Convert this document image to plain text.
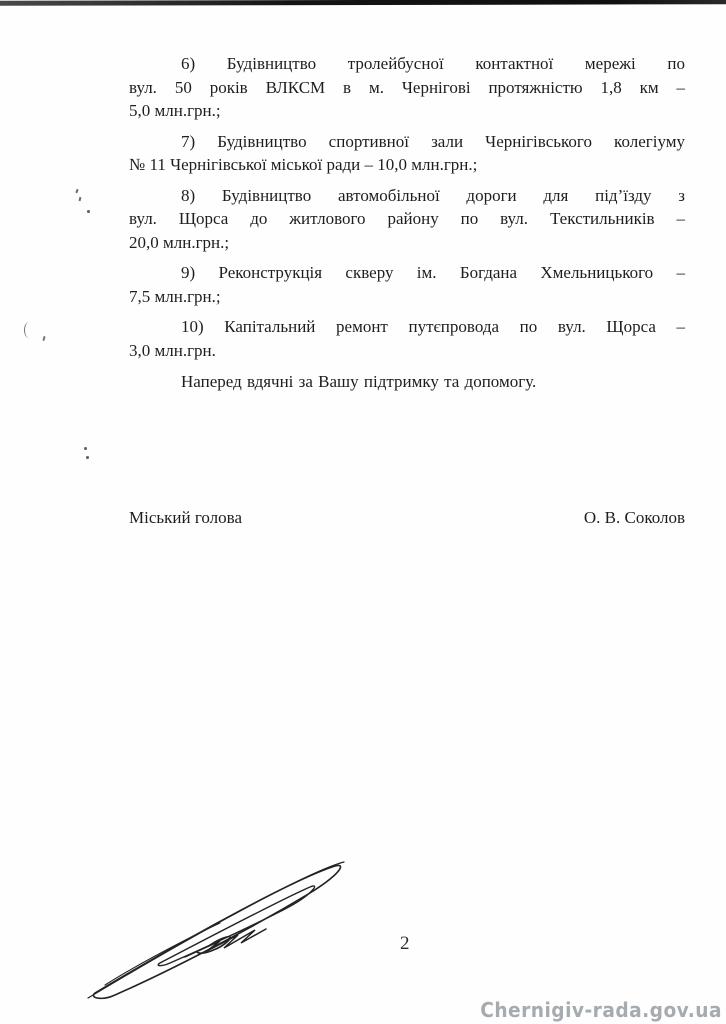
6) Будівництво тролейбусної контактної мережі по
вул. 50 років ВЛКСМ в м. Чернігові протяжністю 1,8 км –
5,0 млн.грн.;
7) Будівництво спортивної зали Чернігівського колегіуму
№ 11 Чернігівської міської ради – 10,0 млн.грн.;
8) Будівництво автомобільної дороги для під’їзду з
вул. Щорса до житлового району по вул. Текстильників –
20,0 млн.грн.;
9) Реконструкція скверу ім. Богдана Хмельницького –
7,5 млн.грн.;
10) Капітальний ремонт путєпровода по вул. Щорса –
3,0 млн.грн.
Наперед вдячні за Вашу підтримку та допомогу.
Міський голова	О. В. Соколов
2
Chernigiv-rada.gov.ua
